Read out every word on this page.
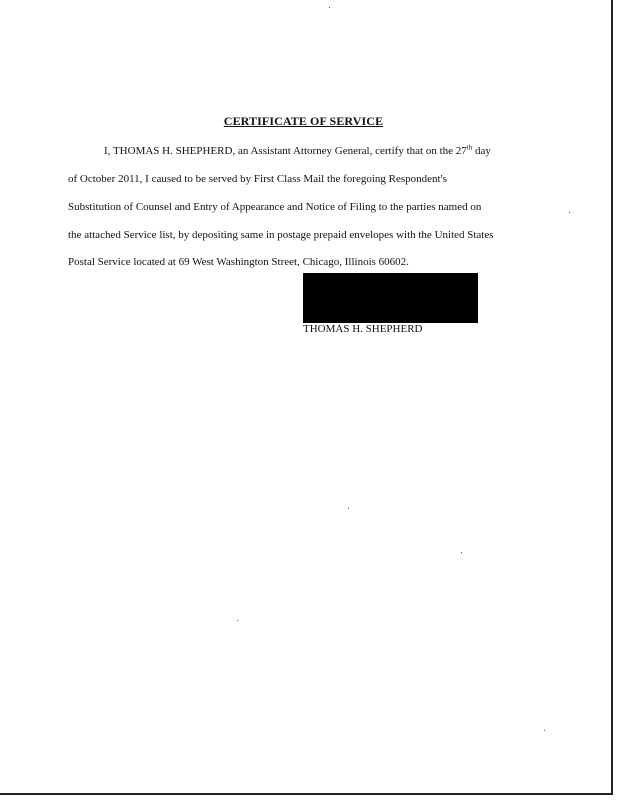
CERTIFICATE OF SERVICE
I, THOMAS H. SHEPHERD, an Assistant Attorney General, certify that on the 27th day
of October 2011, I caused to be served by First Class Mail the foregoing Respondent's
Substitution of Counsel and Entry of Appearance and Notice of Filing to the parties named on
the attached Service list, by depositing same in postage prepaid envelopes with the United States
Postal Service located at 69 West Washington Street, Chicago, Illinois 60602.
THOMAS H. SHEPHERD
